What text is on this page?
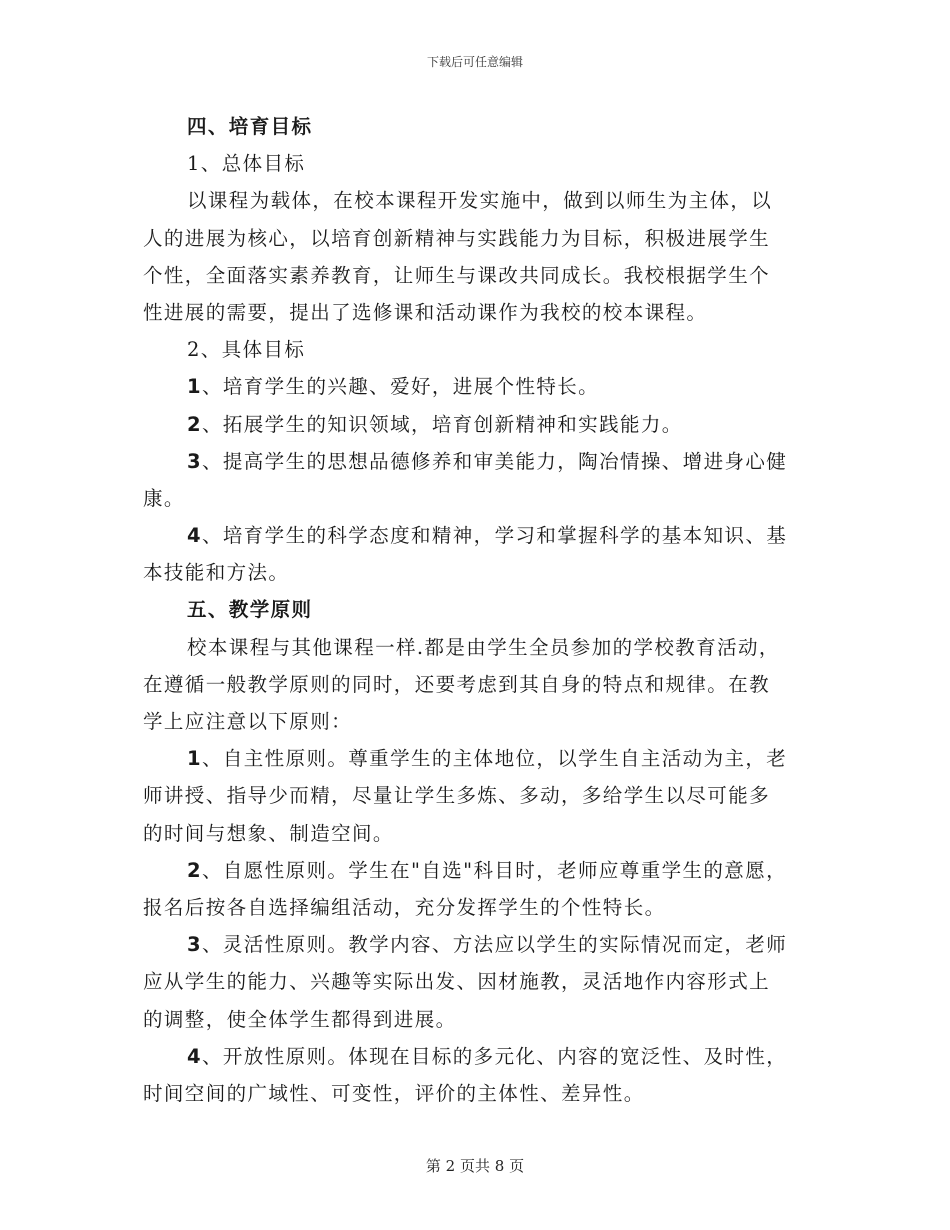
下载后可任意编辑
四、培育目标
1、总体目标
以课程为载体，在校本课程开发实施中，做到以师生为主体，以
人的进展为核心，以培育创新精神与实践能力为目标，积极进展学生
个性，全面落实素养教育，让师生与课改共同成长。我校根据学生个
性进展的需要，提出了选修课和活动课作为我校的校本课程。
2、具体目标
1、培育学生的兴趣、爱好，进展个性特长。
2、拓展学生的知识领域，培育创新精神和实践能力。
3、提高学生的思想品德修养和审美能力，陶冶情操、增进身心健
康。
4、培育学生的科学态度和精神，学习和掌握科学的基本知识、基
本技能和方法。
五、教学原则
校本课程与其他课程一样.都是由学生全员参加的学校教育活动，
在遵循一般教学原则的同时，还要考虑到其自身的特点和规律。在教
学上应注意以下原则：
1、自主性原则。尊重学生的主体地位，以学生自主活动为主，老
师讲授、指导少而精，尽量让学生多炼、多动，多给学生以尽可能多
的时间与想象、制造空间。
2、自愿性原则。学生在"自选"科目时，老师应尊重学生的意愿，
报名后按各自选择编组活动，充分发挥学生的个性特长。
3、灵活性原则。教学内容、方法应以学生的实际情况而定，老师
应从学生的能力、兴趣等实际出发、因材施教，灵活地作内容形式上
的调整，使全体学生都得到进展。
4、开放性原则。体现在目标的多元化、内容的宽泛性、及时性，
时间空间的广域性、可变性，评价的主体性、差异性。
第 2 页共 8 页
